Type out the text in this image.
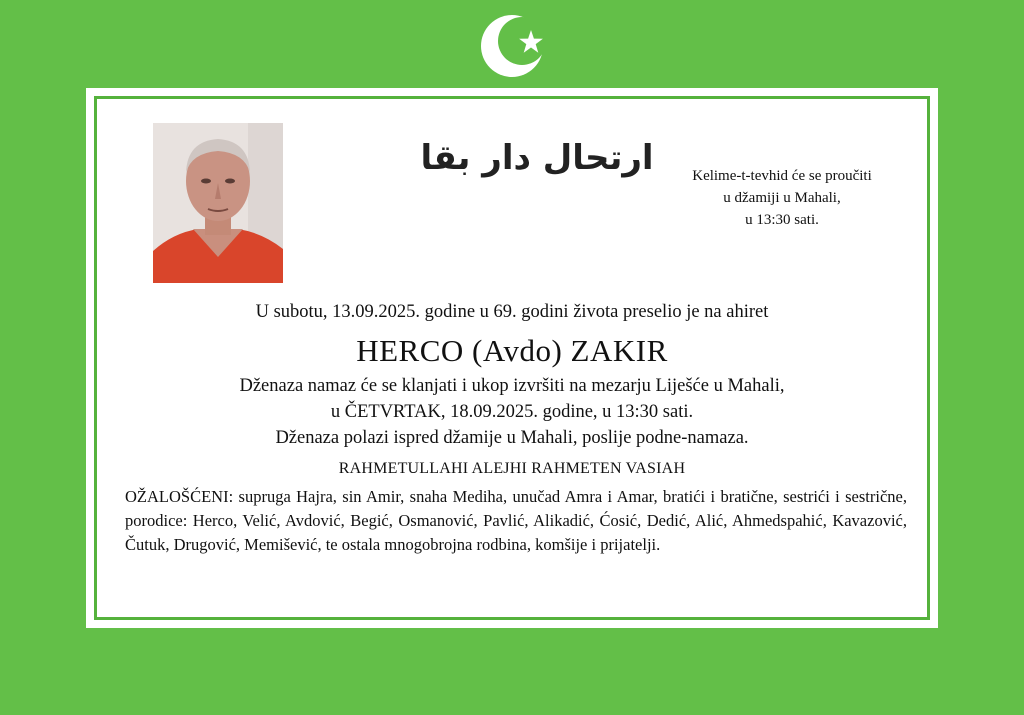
ارتحال دار بقا	Kelime-t-tevhid će se proučiti
u džamiji u Mahali,
u 13:30 sati.
U subotu, 13.09.2025. godine u 69. godini života preselio je na ahiret
HERCO (Avdo) ZAKIR
Dženaza namaz će se klanjati i ukop izvršiti na mezarju Liješće u Mahali,
u ČETVRTAK, 18.09.2025. godine, u 13:30 sati.
Dženaza polazi ispred džamije u Mahali, poslije podne-namaza.
RAHMETULLAHI ALEJHI RAHMETEN VASIAH
OŽALOŠĆENI: supruga Hajra, sin Amir, snaha Mediha, unučad Amra i Amar, bratići i bratične, sestrići i sestrične, porodice: Herco, Velić, Avdović, Begić, Osmanović, Pavlić, Alikadić, Ćosić, Dedić, Alić, Ahmedspahić, Kavazović, Čutuk, Drugović, Memišević, te ostala mnogobrojna rodbina, komšije i prijatelji.
